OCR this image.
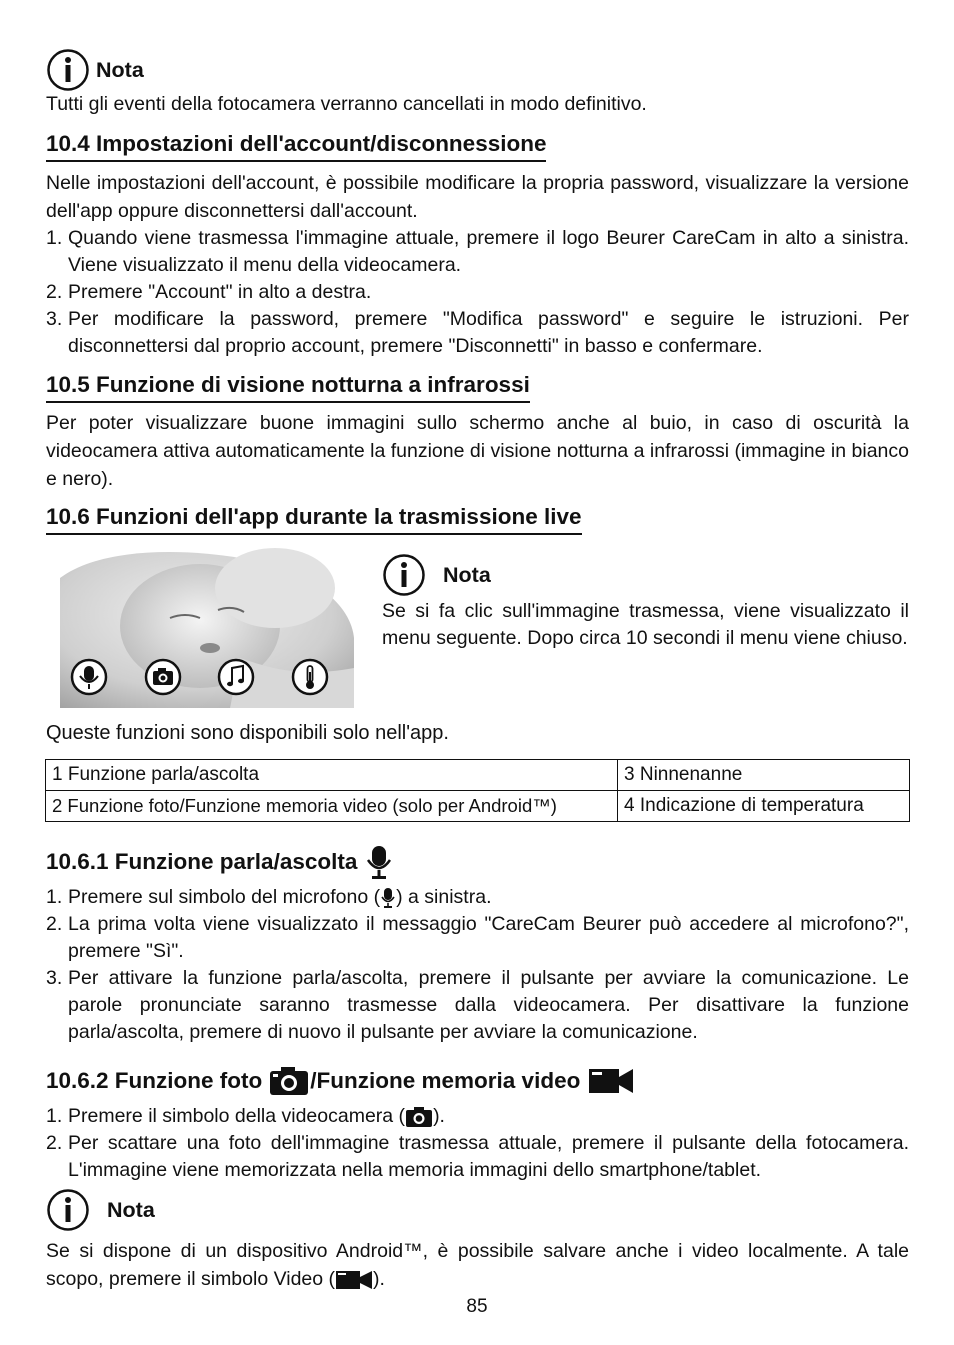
Nota
Tutti gli eventi della fotocamera verranno cancellati in modo definitivo.
10.4 Impostazioni dell'account/disconnessione
Nelle impostazioni dell'account, è possibile modificare la propria password, visualizzare la versione dell'app oppure disconnettersi dall'account.
1. Quando viene trasmessa l'immagine attuale, premere il logo Beurer CareCam in alto a sinistra. Viene visualizzato il menu della videocamera.
2. Premere "Account" in alto a destra.
3. Per modificare la password, premere "Modifica password" e seguire le istruzioni. Per disconnettersi dal proprio account, premere "Disconnetti" in basso e confermare.
10.5 Funzione di visione notturna a infrarossi
Per poter visualizzare buone immagini sullo schermo anche al buio, in caso di oscurità la videocamera attiva automaticamente la funzione di visione notturna a infrarossi (immagine in bianco e nero).
10.6 Funzioni dell'app durante la trasmissione live
Nota
Se si fa clic sull'immagine trasmessa, viene visualizzato il menu seguente. Dopo circa 10 secondi il menu viene chiuso.
Queste funzioni sono disponibili solo nell'app.
1 Funzione parla/ascolta	3 Ninnenanne
2 Funzione foto/Funzione memoria video (solo per Android™)	4 Indicazione di temperatura
10.6.1 Funzione parla/ascolta
1. Premere sul simbolo del microfono ( ) a sinistra.
2. La prima volta viene visualizzato il messaggio "CareCam Beurer può accedere al microfono?", premere "Sì".
3. Per attivare la funzione parla/ascolta, premere il pulsante per avviare la comunicazione. Le parole pronunciate saranno trasmesse dalla videocamera. Per disattivare la funzione parla/ascolta, premere di nuovo il pulsante per avviare la comunicazione.
10.6.2 Funzione foto /Funzione memoria video
1. Premere il simbolo della videocamera ( ).
2. Per scattare una foto dell'immagine trasmessa attuale, premere il pulsante della fotocamera. L'immagine viene memorizzata nella memoria immagini dello smartphone/tablet.
Nota
Se si dispone di un dispositivo Android™, è possibile salvare anche i video localmente. A tale scopo, premere il simbolo Video ( ).
85
